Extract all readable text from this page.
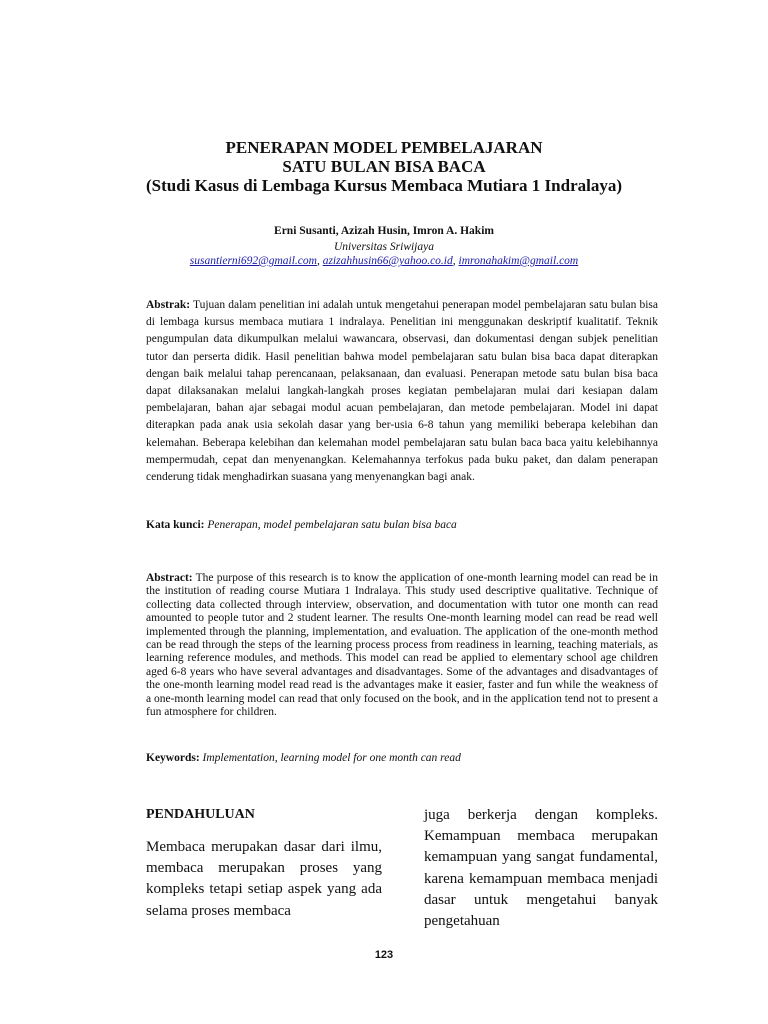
PENERAPAN MODEL PEMBELAJARAN
SATU BULAN BISA BACA
(Studi Kasus di Lembaga Kursus Membaca Mutiara 1 Indralaya)

Erni Susanti, Azizah Husin, Imron A. Hakim

Universitas Sriwijaya

susantierni692@gmail.com, azizahhusin66@yahoo.co.id, imronahakim@gmail.com

Abstrak: Tujuan dalam penelitian ini adalah untuk mengetahui penerapan model pembelajaran satu bulan bisa di lembaga kursus membaca mutiara 1 indralaya. Penelitian ini menggunakan deskriptif kualitatif. Teknik pengumpulan data dikumpulkan melalui wawancara, observasi, dan dokumentasi dengan subjek penelitian tutor dan perserta didik. Hasil penelitian bahwa model pembelajaran satu bulan bisa baca dapat diterapkan dengan baik melalui tahap perencanaan, pelaksanaan, dan evaluasi. Penerapan metode satu bulan bisa baca dapat dilaksanakan melalui langkah-langkah proses kegiatan pembelajaran mulai dari kesiapan dalam pembelajaran, bahan ajar sebagai modul acuan pembelajaran, dan metode pembelajaran. Model ini dapat diterapkan pada anak usia sekolah dasar yang ber-usia 6-8 tahun yang memiliki beberapa kelebihan dan kelemahan. Beberapa kelebihan dan kelemahan model pembelajaran satu bulan baca baca yaitu kelebihannya mempermudah, cepat dan menyenangkan. Kelemahannya terfokus pada buku paket, dan dalam penerapan cenderung tidak menghadirkan suasana yang menyenangkan bagi anak.

Kata kunci: Penerapan, model pembelajaran satu bulan bisa baca

Abstract: The purpose of this research is to know the application of one-month learning model can read be in the institution of reading course Mutiara 1 Indralaya. This study used descriptive qualitative. Technique of collecting data collected through interview, observation, and documentation with tutor one month can read amounted to people tutor and 2 student learner. The results One-month learning model can read be read well implemented through the planning, implementation, and evaluation. The application of the one-month method can be read through the steps of the learning process process from readiness in learning, teaching materials, as learning reference modules, and methods. This model can read be applied to elementary school age children aged 6-8 years who have several advantages and disadvantages. Some of the advantages and disadvantages of the one-month learning model read read is the advantages make it easier, faster and fun while the weakness of a one-month learning model can read that only focused on the book, and in the application tend not to present a fun atmosphere for children.

Keywords: Implementation, learning model for one month can read

PENDAHULUAN

Membaca merupakan dasar dari ilmu, membaca merupakan proses yang kompleks tetapi setiap aspek yang ada selama proses membaca

juga berkerja dengan kompleks. Kemampuan membaca merupakan kemampuan yang sangat fundamental, karena kemampuan membaca menjadi dasar untuk mengetahui banyak pengetahuan

123
